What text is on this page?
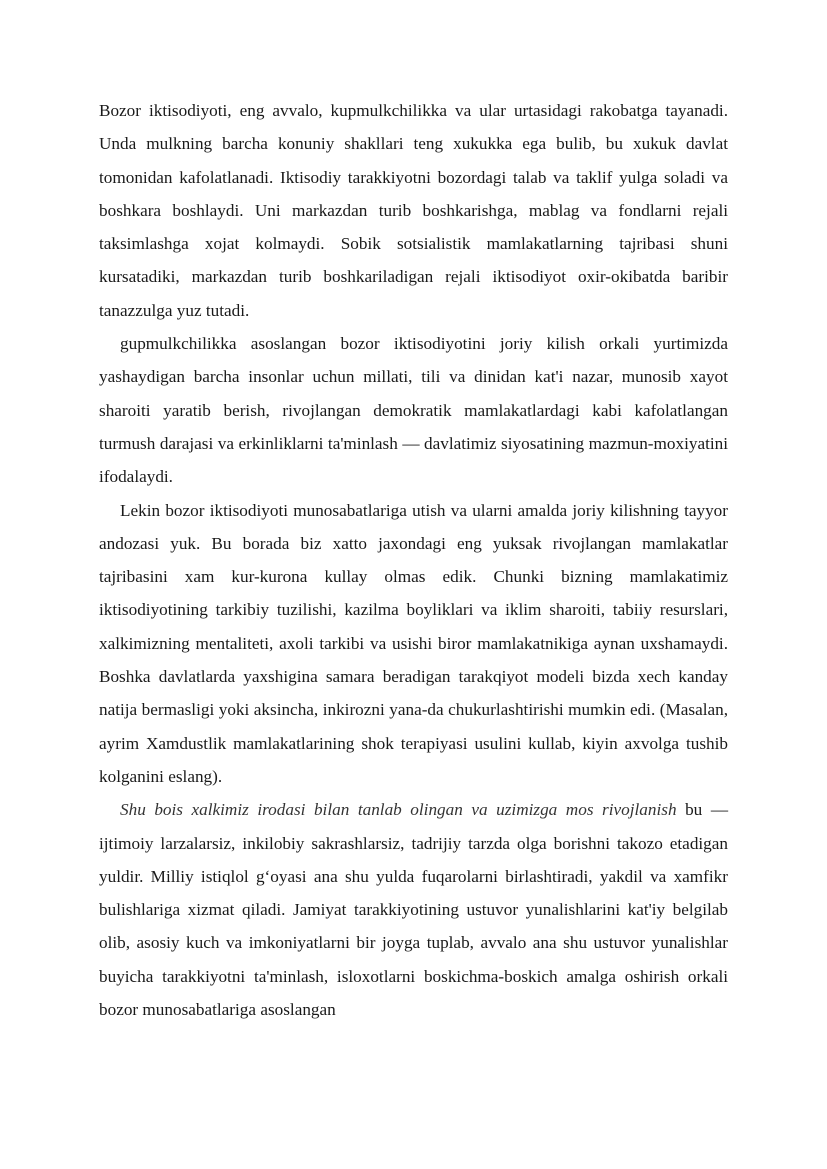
Bozor iktisodiyoti, eng avvalo, kupmulkchilikka va ular urtasidagi rakobatga tayanadi. Unda mulkning barcha konuniy shakllari teng xukukka ega bulib, bu xukuk davlat tomonidan kafolatlanadi. Iktisodiy tarakkiyotni bozordagi talab va taklif yulga soladi va boshkara boshlaydi. Uni markazdan turib boshkarishga, mablag va fondlarni rejali taksimlashga xojat kolmaydi. Sobik sotsialistik mamlakatlarning tajribasi shuni kursatadiki, markazdan turib boshkariladigan rejali iktisodiyot oxir-okibatda baribir tanazzulga yuz tutadi.

gupmulkchilikka asoslangan bozor iktisodiyotini joriy kilish orkali yurtimizda yashaydigan barcha insonlar uchun millati, tili va dinidan kat'i nazar, munosib xayot sharoiti yaratib berish, rivojlangan demokratik mamlakatlardagi kabi kafolatlangan turmush darajasi va erkinliklarni ta'minlash — davlatimiz siyosatining mazmun-moxiyatini ifodalaydi.

Lekin bozor iktisodiyoti munosabatlariga utish va ularni amalda joriy kilishning tayyor andozasi yuk. Bu borada biz xatto jaxondagi eng yuksak rivojlangan mamlakatlar tajribasini xam kur-kurona kullay olmas edik. Chunki bizning mamlakatimiz iktisodiyotining tarkibiy tuzilishi, kazilma boyliklari va iklim sharoiti, tabiiy resurslari, xalkimizning mentaliteti, axoli tarkibi va usishi biror mamlakatnikiga aynan uxshamaydi. Boshka davlatlarda yaxshigina samara beradigan tarakqiyot modeli bizda xech kanday natija bermasligi yoki aksincha, inkirozni yana-da chukurlashtirishi mumkin edi. (Masalan, ayrim Xamdustlik mamlakatlarining shok terapiyasi usulini kullab, kiyin axvolga tushib kolganini eslang).

Shu bois xalkimiz irodasi bilan tanlab olingan va uzimizga mos rivojlanish bu — ijtimoiy larzalarsiz, inkilobiy sakrashlarsiz, tadrijiy tarzda olga borishni takozo etadigan yuldir. Milliy istiqlol g‘oyasi ana shu yulda fuqarolarni birlashtiradi, yakdil va xamfikr bulishlariga xizmat qiladi. Jamiyat tarakkiyotining ustuvor yunalishlarini kat'iy belgilab olib, asosiy kuch va imkoniyatlarni bir joyga tuplab, avvalo ana shu ustuvor yunalishlar buyicha tarakkiyotni ta'minlash, isloxotlarni boskichma-boskich amalga oshirish orkali bozor munosabatlariga asoslangan
